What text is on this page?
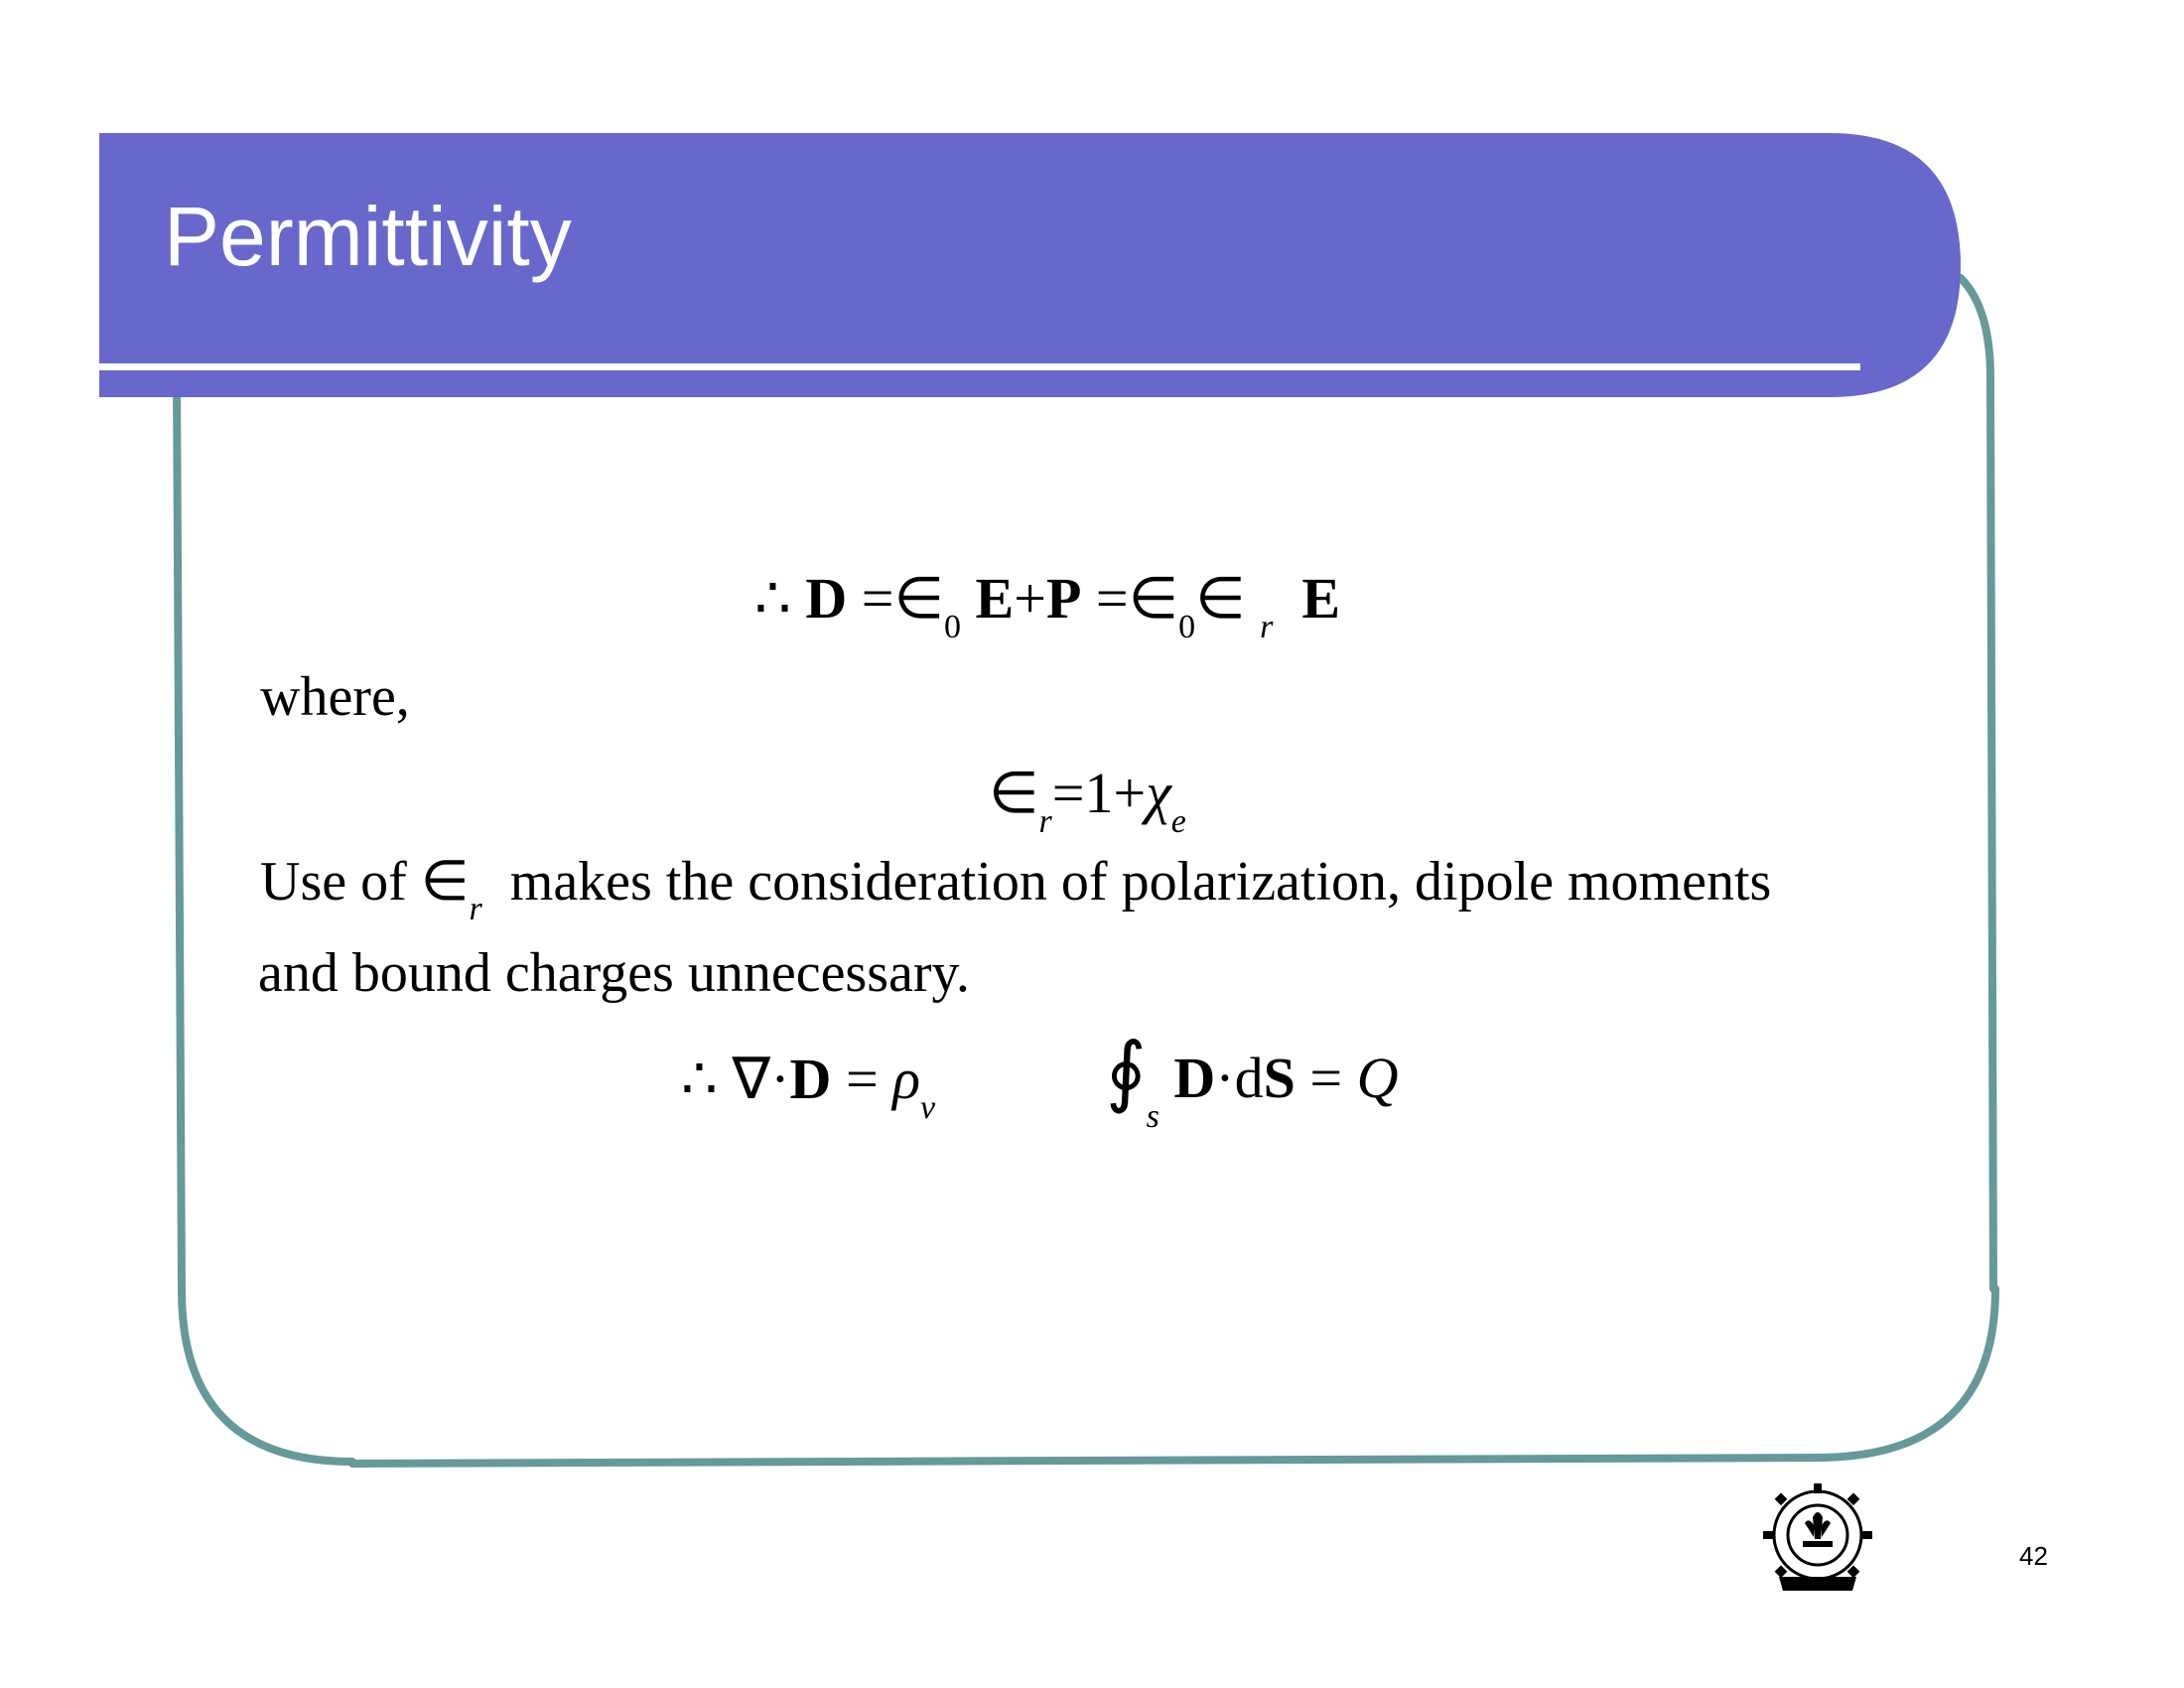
Permittivity
∴ $D =\in_0$ $E+P =\in_0\in$ $_r$ E
where,
$\in_r=1+\chi_e$
Use of $\in_r$ makes the consideration of polarization, dipole moments
and bound charges unnecessary.
∴ $\nabla\cdot D = \rho_v$ $∮_s$ D·dS = Q
42
